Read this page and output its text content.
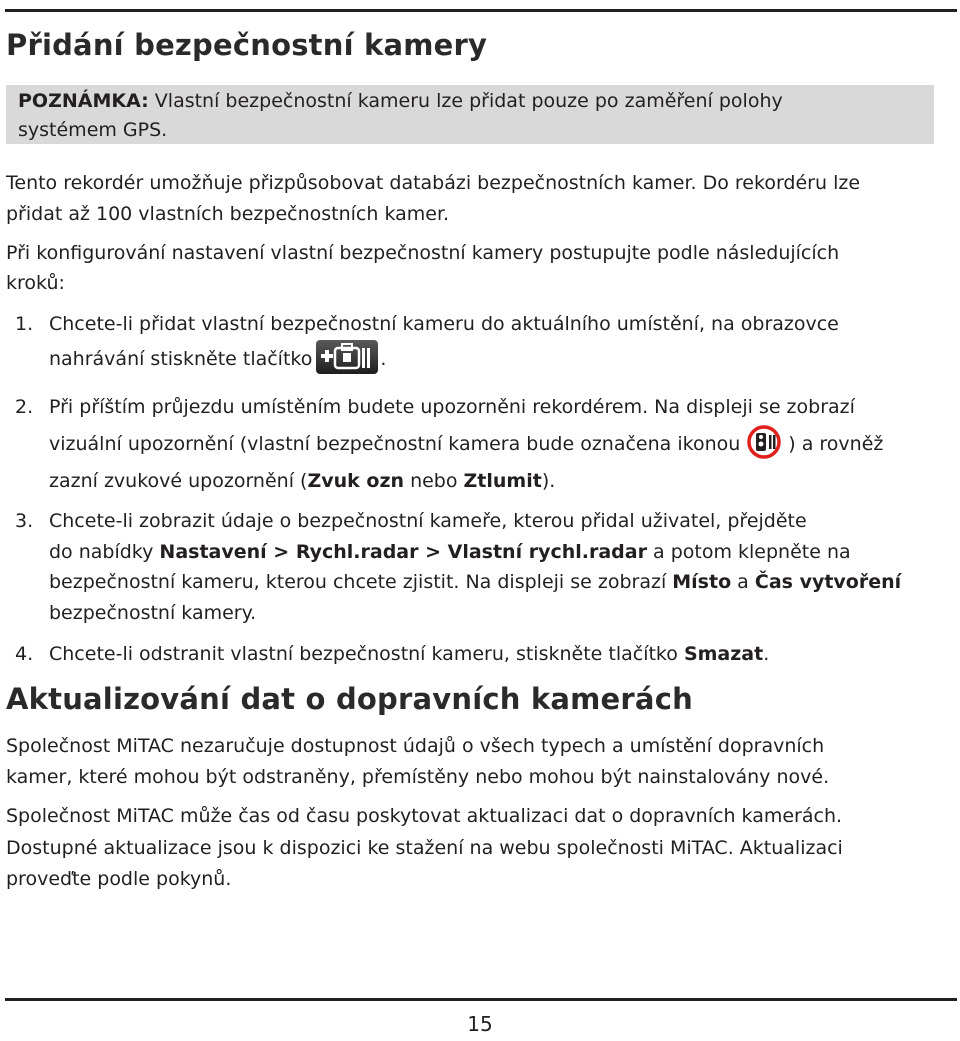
Přidání bezpečnostní kamery
POZNÁMKA: Vlastní bezpečnostní kameru lze přidat pouze po zaměření polohy
systémem GPS.
Tento rekordér umožňuje přizpůsobovat databázi bezpečnostních kamer. Do rekordéru lze
přidat až 100 vlastních bezpečnostních kamer.
Při konfigurování nastavení vlastní bezpečnostní kamery postupujte podle následujících
kroků:
1. Chcete-li přidat vlastní bezpečnostní kameru do aktuálního umístění, na obrazovce
nahrávání stiskněte tlačítko	.
2. Při příštím průjezdu umístěním budete upozorněni rekordérem. Na displeji se zobrazí
vizuální upozornění (vlastní bezpečnostní kamera bude označena ikonou	) a rovněž
zazní zvukové upozornění (Zvuk ozn nebo Ztlumit).
3. Chcete-li zobrazit údaje o bezpečnostní kameře, kterou přidal uživatel, přejděte
do nabídky Nastavení > Rychl.radar > Vlastní rychl.radar a potom klepněte na
bezpečnostní kameru, kterou chcete zjistit. Na displeji se zobrazí Místo a Čas vytvoření
bezpečnostní kamery.
4. Chcete-li odstranit vlastní bezpečnostní kameru, stiskněte tlačítko Smazat.
Aktualizování dat o dopravních kamerách
Společnost MiTAC nezaručuje dostupnost údajů o všech typech a umístění dopravních
kamer, které mohou být odstraněny, přemístěny nebo mohou být nainstalovány nové.
Společnost MiTAC může čas od času poskytovat aktualizaci dat o dopravních kamerách.
Dostupné aktualizace jsou k dispozici ke stažení na webu společnosti MiTAC. Aktualizaci
proveďte podle pokynů.
15
